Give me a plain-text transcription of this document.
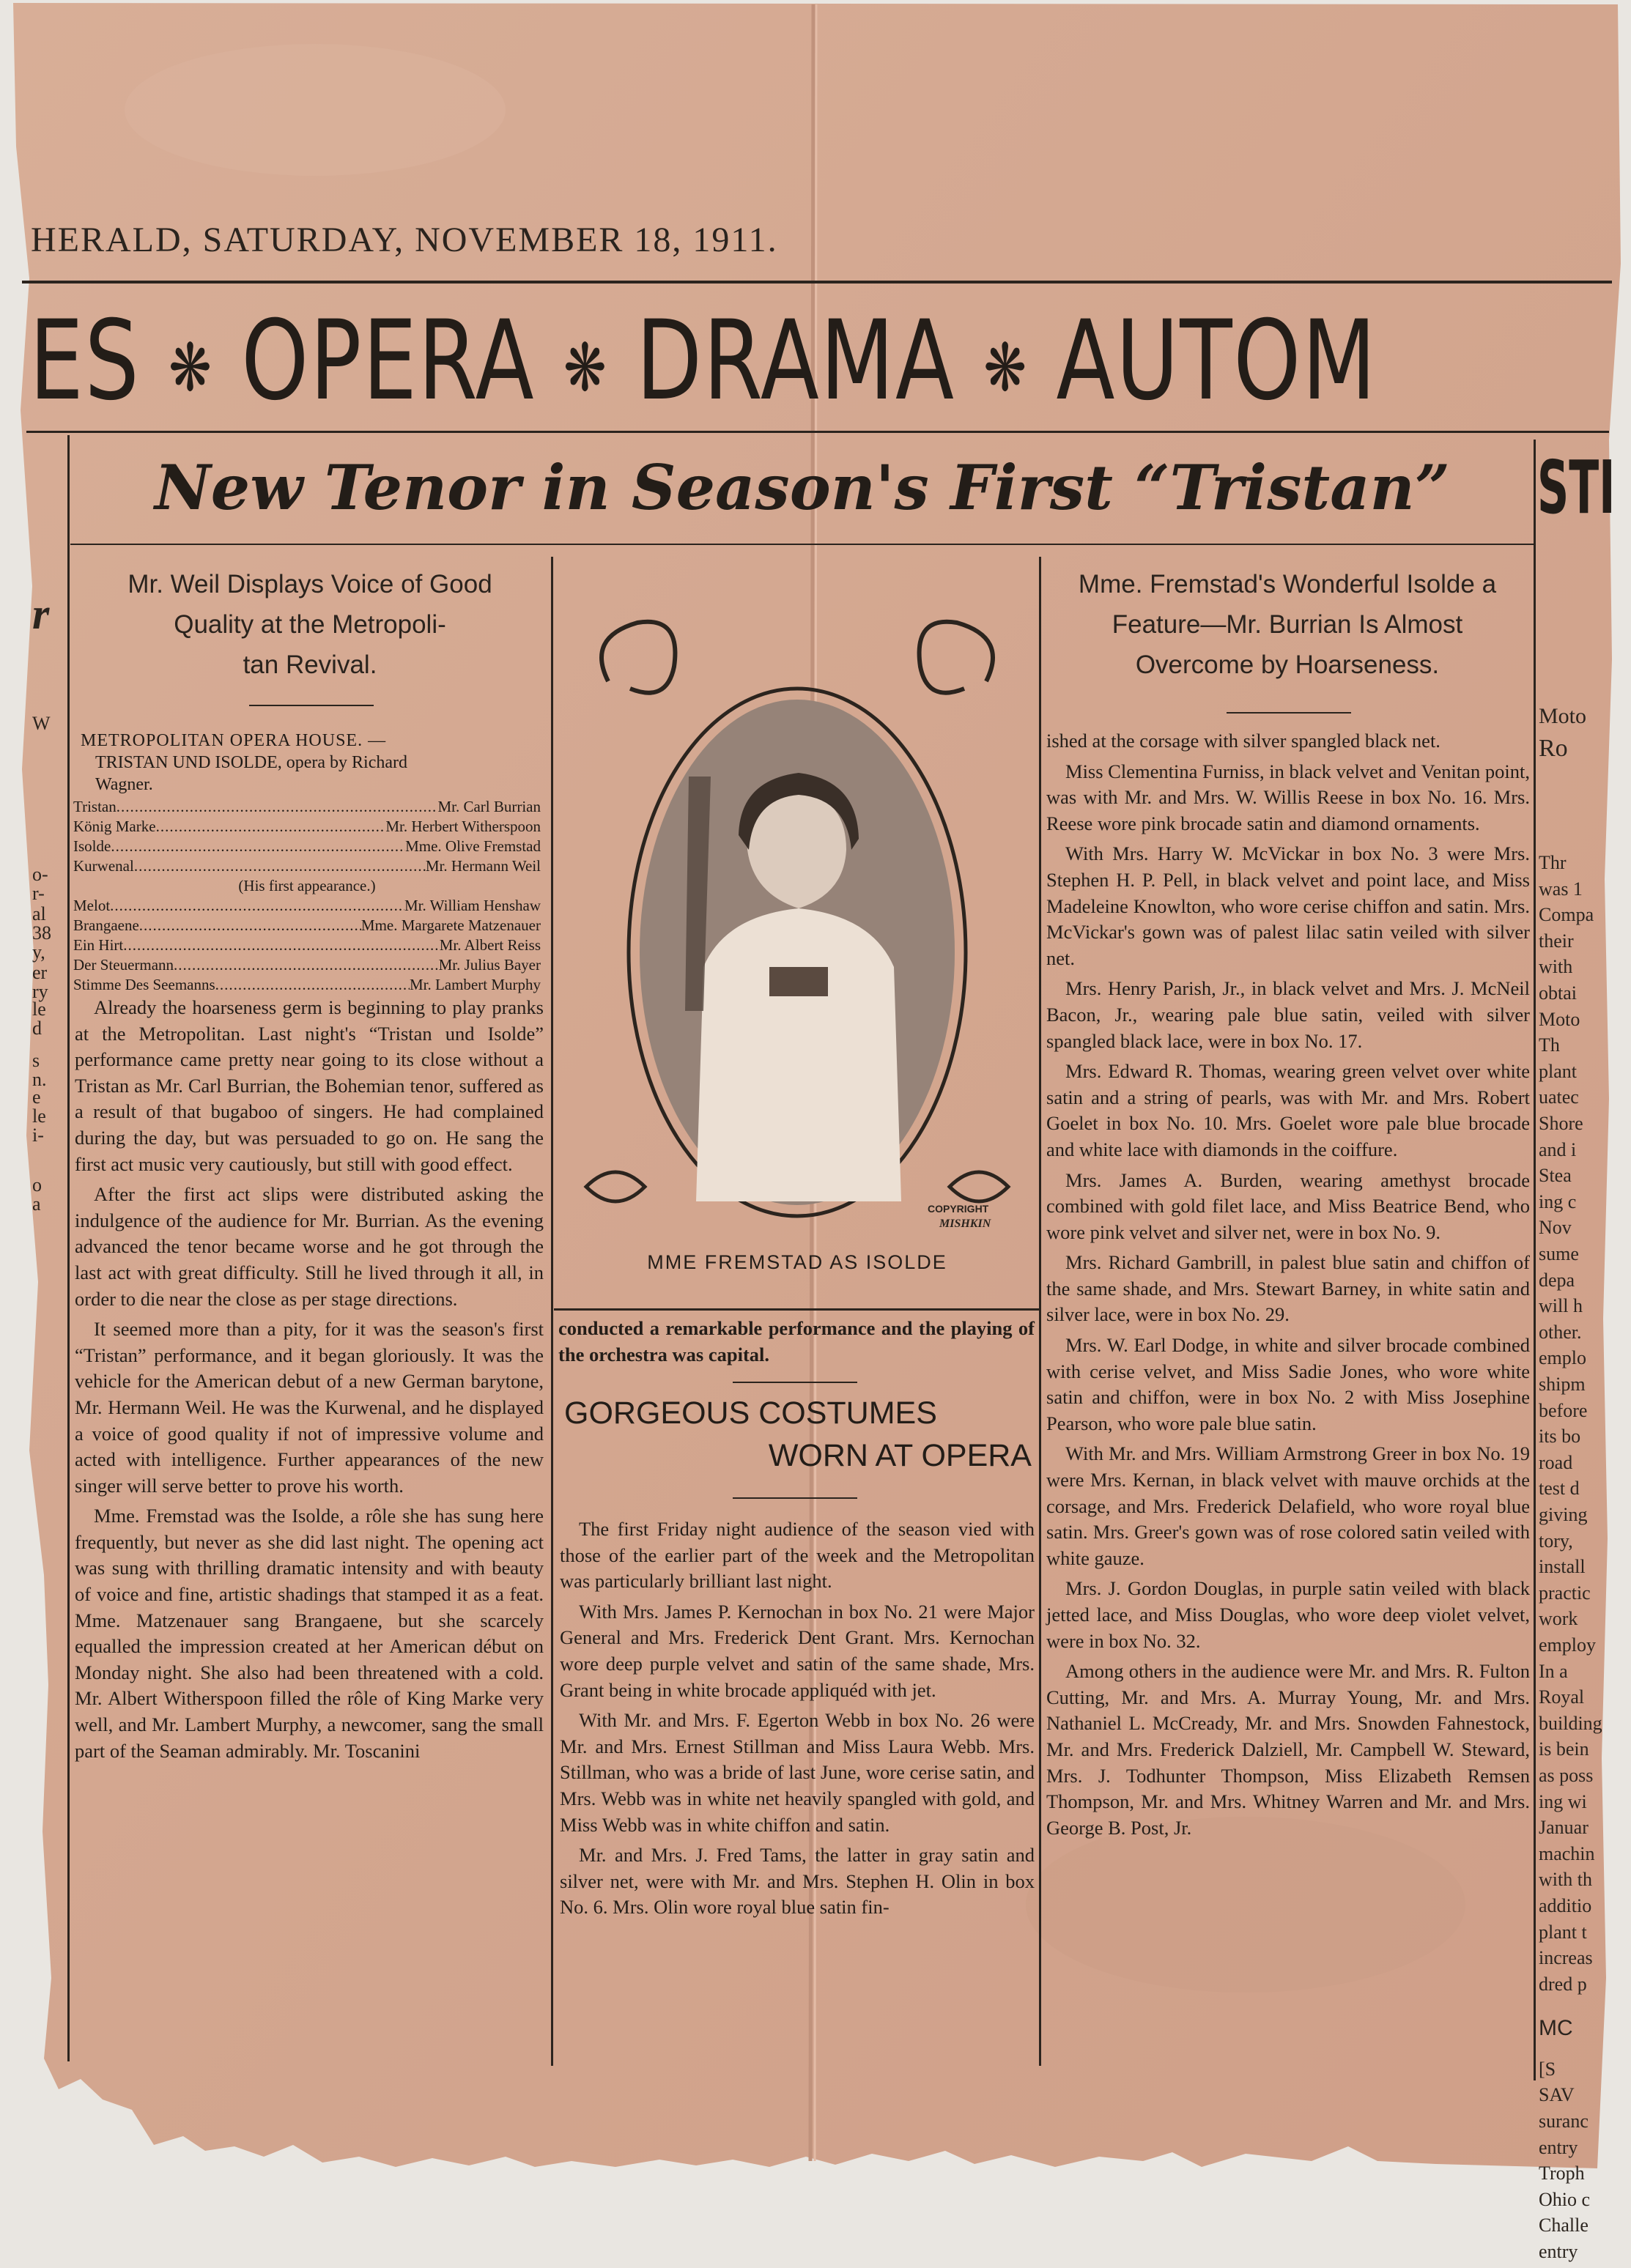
HERALD, SATURDAY, NOVEMBER 18, 1911.
ES ❋ OPERA ❋ DRAMA ❋ AUTOM
New Tenor in Season's First “Tristan”	STI

Mr. Weil Displays Voice of Good

Quality at the Metropoli-

tan Revival.

Mme. Fremstad's Wonderful Isolde a

Feature—Mr. Burrian Is Almost

Overcome by Hoarseness.

METROPOLITAN OPERA HOUSE. —
TRISTAN UND ISOLDE, opera by Richard
Wagner.
Tristan .....	Mr. Carl Burrian
König Marke .....	Mr. Herbert Witherspoon
Isolde .....	Mme. Olive Fremstad
Kurwenal .....	Mr. Hermann Weil
(His first appearance.)
Melot .....	Mr. William Henshaw
Brangaene .....	Mme. Margarete Matzenauer
Ein Hirt .....	Mr. Albert Reiss
Der Steuermann .....	Mr. Julius Bayer
Stimme Des Seemanns .....	Mr. Lambert Murphy

Already the hoarseness germ is beginning to play pranks at the Metropolitan. Last night's “Tristan und Isolde” performance came pretty near going to its close without a Tristan as Mr. Carl Burrian, the Bohemian tenor, suffered as a result of that bugaboo of singers. He had complained during the day, but was persuaded to go on. He sang the first act music very cautiously, but still with good effect.

After the first act slips were distributed asking the indulgence of the audience for Mr. Burrian. As the evening advanced the tenor became worse and he got through the last act with great difficulty. Still he lived through it all, in order to die near the close as per stage directions.

It seemed more than a pity, for it was the season's first “Tristan” performance, and it began gloriously. It was the vehicle for the American debut of a new German barytone, Mr. Hermann Weil. He was the Kurwenal, and he displayed a voice of good quality if not of impressive volume and acted with intelligence. Further appearances of the new singer will serve better to prove his worth.

Mme. Fremstad was the Isolde, a rôle she has sung here frequently, but never as she did last night. The opening act was sung with thrilling dramatic intensity and with beauty of voice and fine, artistic shadings that stamped it as a feat. Mme. Matzenauer sang Brangaene, but she scarcely equalled the impression created at her American début on Monday night. She also had been threatened with a cold. Mr. Albert Witherspoon filled the rôle of King Marke very well, and Mr. Lambert Murphy, a newcomer, sang the small part of the Seaman admirably. Mr. Toscanini

COPYRIGHT
MISHKIN
MME FREMSTAD AS ISOLDE

conducted a remarkable performance and the playing of the orchestra was capital.

GORGEOUS COSTUMES
WORN AT OPERA

The first Friday night audience of the season vied with those of the earlier part of the week and the Metropolitan was particularly brilliant last night.

With Mrs. James P. Kernochan in box No. 21 were Major General and Mrs. Frederick Dent Grant. Mrs. Kernochan wore deep purple velvet and satin of the same shade, Mrs. Grant being in white brocade appliquéd with jet.

With Mr. and Mrs. F. Egerton Webb in box No. 26 were Mr. and Mrs. Ernest Stillman and Miss Laura Webb. Mrs. Stillman, who was a bride of last June, wore cerise satin, and Mrs. Webb was in white net heavily spangled with gold, and Miss Webb was in white chiffon and satin.

Mr. and Mrs. J. Fred Tams, the latter in gray satin and silver net, were with Mr. and Mrs. Stephen H. Olin in box No. 6. Mrs. Olin wore royal blue satin fin-

ished at the corsage with silver spangled black net.

Miss Clementina Furniss, in black velvet and Venitan point, was with Mr. and Mrs. W. Willis Reese in box No. 16. Mrs. Reese wore pink brocade satin and diamond ornaments.

With Mrs. Harry W. McVickar in box No. 3 were Mrs. Stephen H. P. Pell, in black velvet and point lace, and Miss Madeleine Knowlton, who wore cerise chiffon and satin. Mrs. McVickar's gown was of palest lilac satin veiled with silver net.

Mrs. Henry Parish, Jr., in black velvet and Mrs. J. McNeil Bacon, Jr., wearing pale blue satin, veiled with silver spangled black lace, were in box No. 17.

Mrs. Edward R. Thomas, wearing green velvet over white satin and a string of pearls, was with Mr. and Mrs. Robert Goelet in box No. 10. Mrs. Goelet wore pale blue brocade and white lace with diamonds in the coiffure.

Mrs. James A. Burden, wearing amethyst brocade combined with gold filet lace, and Miss Beatrice Bend, who wore pink velvet and silver net, were in box No. 9.

Mrs. Richard Gambrill, in palest blue satin and chiffon of the same shade, and Mrs. Stewart Barney, in white satin and silver lace, were in box No. 29.

Mrs. W. Earl Dodge, in white and silver brocade combined with cerise velvet, and Miss Sadie Jones, who wore white satin and chiffon, were in box No. 2 with Miss Josephine Pearson, who wore pale blue satin.

With Mr. and Mrs. William Armstrong Greer in box No. 19 were Mrs. Kernan, in black velvet with mauve orchids at the corsage, and Mrs. Frederick Delafield, who wore royal blue satin. Mrs. Greer's gown was of rose colored satin veiled with white gauze.

Mrs. J. Gordon Douglas, in purple satin veiled with black jetted lace, and Miss Douglas, who wore deep violet velvet, were in box No. 32.

Among others in the audience were Mr. and Mrs. R. Fulton Cutting, Mr. and Mrs. A. Murray Young, Mr. and Mrs. Nathaniel L. McCready, Mr. and Mrs. Snowden Fahnestock, Mr. and Mrs. Frederick Dalziell, Mr. Campbell W. Steward, Mrs. J. Todhunter Thompson, Miss Elizabeth Remsen Thompson, Mr. and Mrs. Whitney Warren and Mr. and Mrs. George B. Post, Jr.

r
W
o-
r-
al
38
y,
er
ry
le
d
s
n.
e
le
i-
o
a
Moto
Ro
Thr
was 1
Compa
their
with
obtai
Moto
Th
plant
uatec
Shore
and i
Stea
ing c
Nov
sume
depa
will h
other.
emplo
shipm
before
its bo
road
test d
giving
tory,
install
practic
work
employ
In a
Royal
building
is bein
as poss
ing wi
Januar
machin
with th
additio
plant t
increas
dred p
MC
[S
SAV
suranc
entry
Troph
Ohio c
Challe
entry
